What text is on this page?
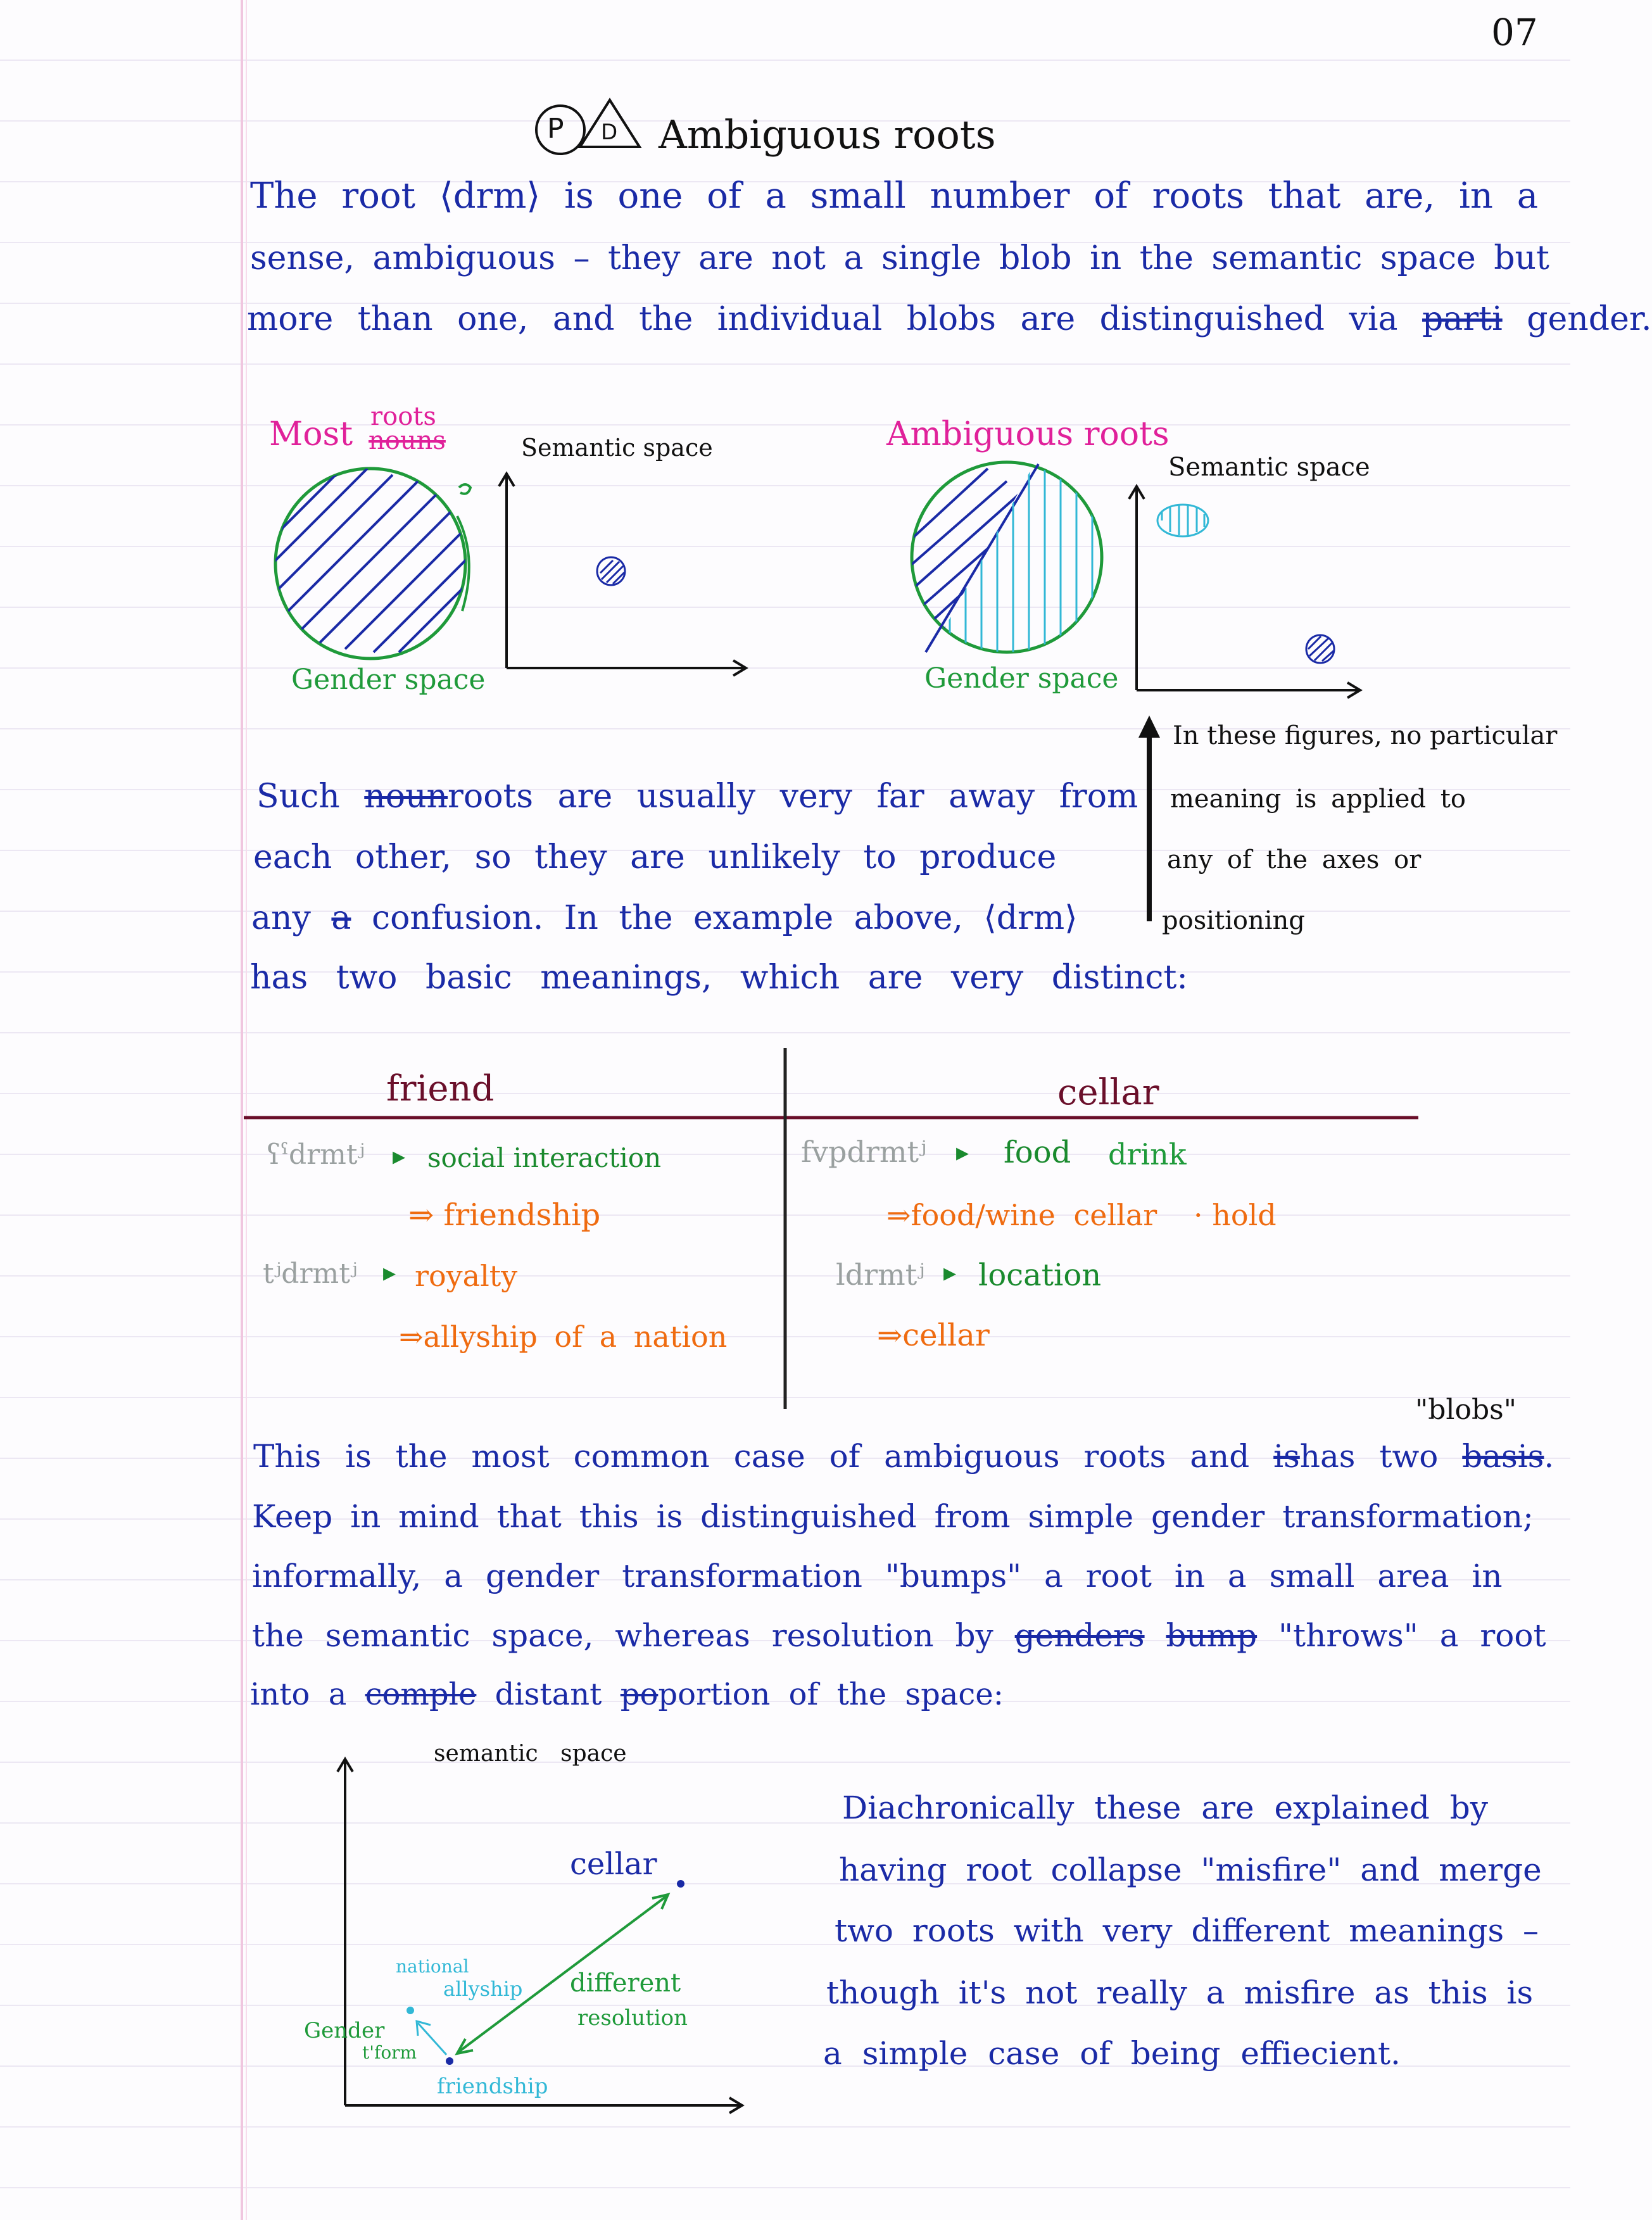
07
P D Ambiguous roots
The root ⟨drm⟩ is one of a small number of roots that are, in a
sense, ambiguous – they are not a single blob in the semantic space but
more than one, and the individual blobs are distinguished via parti gender.
Most roots
nouns
Gender space
Semantic space	Ambiguous roots
Gender space
Semantic space
In these figures, no particular
meaning is applied to
any of the axes or
positioning
Such nounroots are usually very far away from
each other, so they are unlikely to produce
any a confusion. In the example above, ⟨drm⟩
has two basic meanings, which are very distinct:
friend	cellar
ʕˤdrmtʲ ▸ social interaction
⇒ friendship
tʲdrmtʲ ▸ royalty
⇒allyship of a nation
fvpdrmtʲ ▸ food drink
⇒food/wine cellar · hold
ldrmtʲ ▸ location
⇒cellar
"blobs"
This is the most common case of ambiguous roots and ishas two basis.
Keep in mind that this is distinguished from simple gender transformation;
informally, a gender transformation "bumps" a root in a small area in
the semantic space, whereas resolution by genders bump "throws" a root
into a comple distant poportion of the space:
semantic space
cellar
national
allyship different
resolution
Gender
t'form
friendship
Diachronically these are explained by
having root collapse "misfire" and merge
two roots with very different meanings –
though it's not really a misfire as this is
a simple case of being effiecient.
